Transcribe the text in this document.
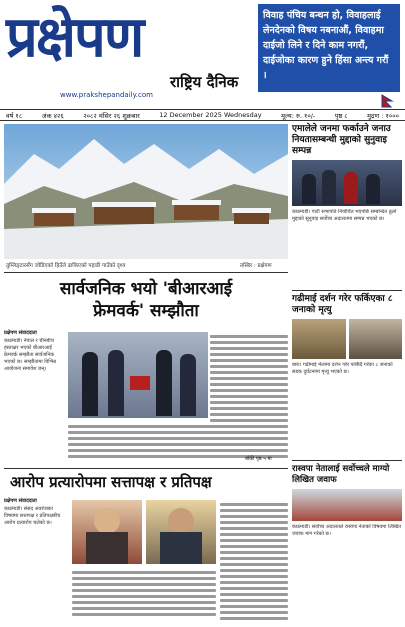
प्रक्षेपण
राष्ट्रिय दैनिक
www.prakshepandaily.com
विवाह पंचिय बन्धन हो, विवाहलाई लेनदेनको विषय नबनाऔं, विवाहमा दाईजो लिने र दिने काम नगरौं, दाईजोका कारण हुने हिंसा अन्त्य गरौं ।
वर्ष १८	अंक ४२६	२०८२ मंसिर २६ शुक्रबार	12 December 2025 Wednesday	मूल्य: रु. १०/-	पृष्ठ ८	मुद्रण : १०००
तुम्लिङ्टारसँग जोडिएको हिउँले ढाकिएको पहाडी गाउँको दृश्य	तस्बिर : प्रक्षेपण
एमालेले जनमा फर्काउने जनाउ नियतासम्बन्धी मुद्दाको सुनुवाइ सम्पन्न
काठमाडौं। पार्टी सभापति निर्वाचित भएपछि सम्बन्धित ठूलो मुद्दाको सुनुवाइ सर्वोच्च अदालतमा सम्पन्न भएको छ।
गढीमाई दर्शन गरेर फर्किएका ८ जनाको मृत्यु
बारा। गढीमाई मेलामा दर्शन गरेर फर्किँदै गरेका ८ जनाको सडक दुर्घटनामा मृत्यु भएको छ।
रास्वपा नेतालाई सर्वोच्चले माग्यो लिखित जवाफ
काठमाडौं। सर्वोच्च अदालतले रास्वपा नेताको विषयमा लिखित जवाफ माग गरेको छ।
सार्वजनिक भयो 'बीआरआई
फ्रेमवर्क' सम्झौता
प्रक्षेपण संवाददाता
काठमाडौं। नेपाल र चीनबीच हस्ताक्षर भएको बीआरआई फ्रेमवर्क सम्झौता सार्वजनिक भएको छ। सम्झौतामा विभिन्न आयोजना समावेश छन्।
बाँकी पृष्ठ ५ मा
आरोप प्रत्यारोपमा सत्तापक्ष र प्रतिपक्ष
प्रक्षेपण संवाददाता
काठमाडौं। संसद अवरोधका विषयमा सत्तापक्ष र प्रतिपक्षबीच आरोप प्रत्यारोप चलेको छ।
